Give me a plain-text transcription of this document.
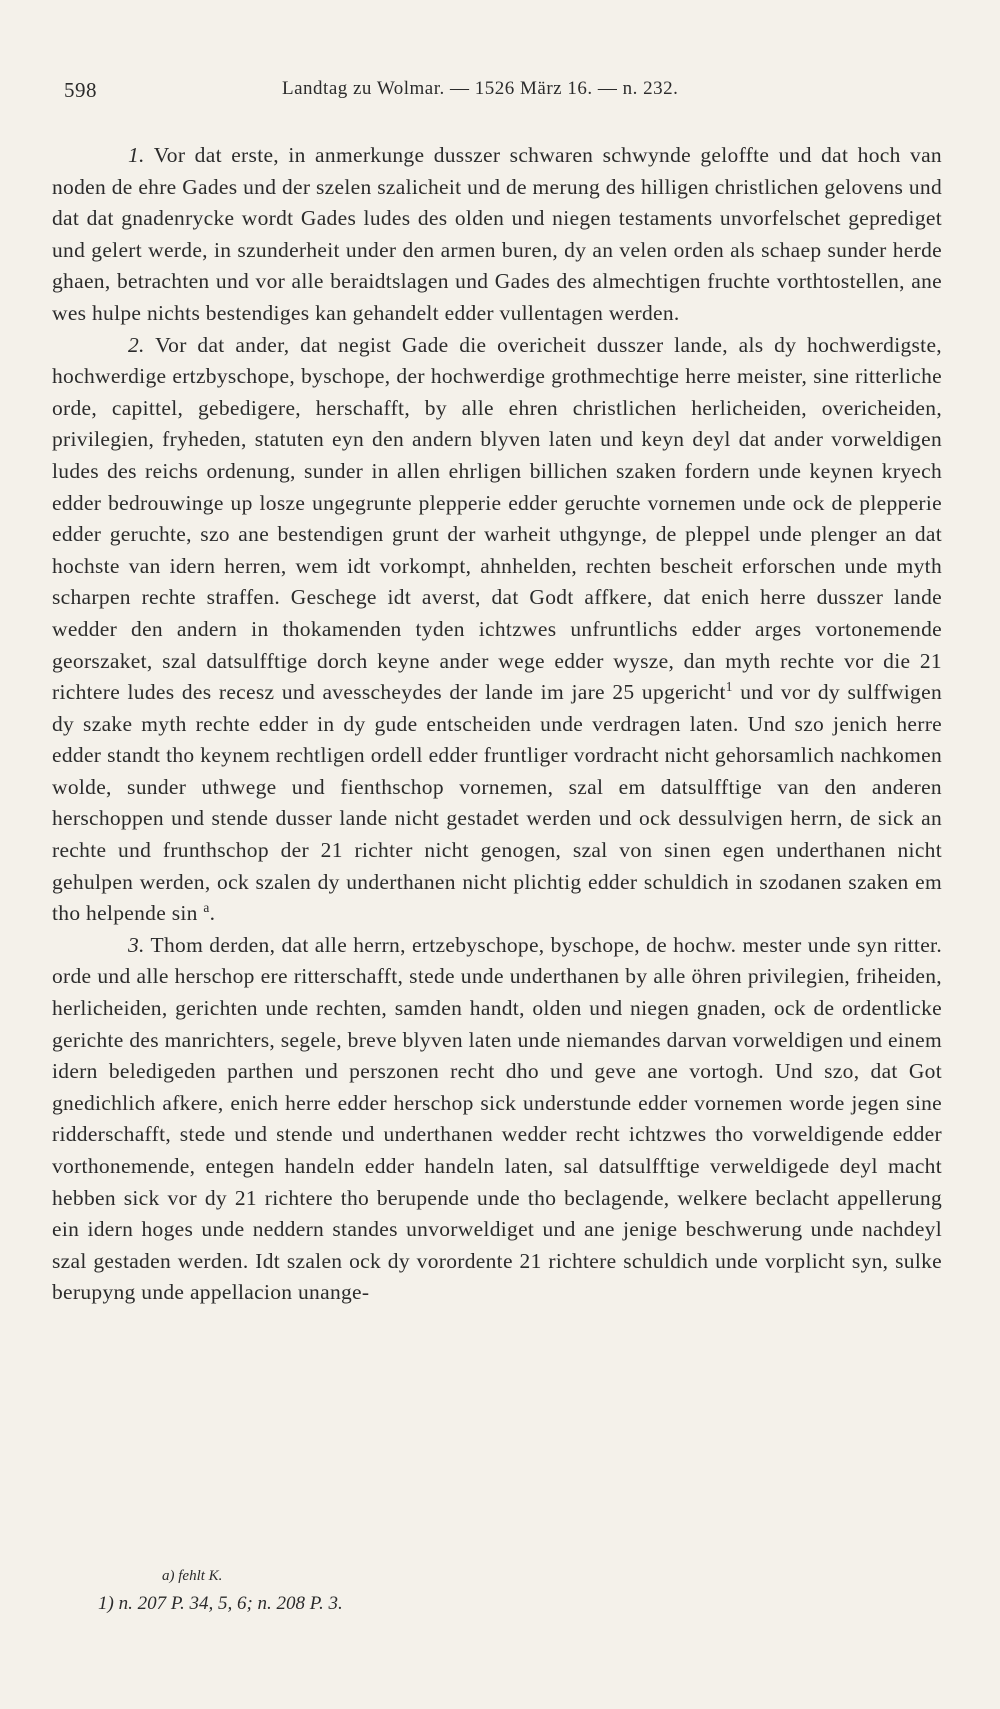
598	Landtag zu Wolmar. — 1526 März 16. — n. 232.

1. Vor dat erste, in anmerkunge dusszer schwaren schwynde geloffte und dat hoch van noden de ehre Gades und der szelen szalicheit und de merung des hilligen christlichen gelovens und dat dat gnadenrycke wordt Gades ludes des olden und niegen testaments unvorfelschet geprediget und gelert werde, in szunderheit under den armen buren, dy an velen orden als schaep sunder herde ghaen, betrachten und vor alle beraidtslagen und Gades des almechtigen fruchte vorthtostellen, ane wes hulpe nichts bestendiges kan gehandelt edder vullentagen werden.

2. Vor dat ander, dat negist Gade die overicheit dusszer lande, als dy hochwerdigste, hochwerdige ertzbyschope, byschope, der hochwerdige grothmechtige herre meister, sine ritterliche orde, capittel, gebedigere, herschafft, by alle ehren christlichen herlicheiden, overicheiden, privilegien, fryheden, statuten eyn den andern blyven laten und keyn deyl dat ander vorweldigen ludes des reichs ordenung, sunder in allen ehrligen billichen szaken fordern unde keynen kryech edder bedrouwinge up losze ungegrunte plepperie edder geruchte vornemen unde ock de plepperie edder geruchte, szo ane bestendigen grunt der warheit uthgynge, de pleppel unde plenger an dat hochste van idern herren, wem idt vorkompt, ahnhelden, rechten bescheit erforschen unde myth scharpen rechte straffen. Geschege idt averst, dat Godt affkere, dat enich herre dusszer lande wedder den andern in thokamenden tyden ichtzwes unfruntlichs edder arges vortonemende georszaket, szal datsulfftige dorch keyne ander wege edder wysze, dan myth rechte vor die 21 richtere ludes des recesz und avesscheydes der lande im jare 25 upgericht$^1$ und vor dy sulffwigen dy szake myth rechte edder in dy gude entscheiden unde verdragen laten. Und szo jenich herre edder standt tho keynem rechtligen ordell edder fruntliger vordracht nicht gehorsamlich nachkomen wolde, sunder uthwege und fienthschop vornemen, szal em datsulfftige van den anderen herschoppen und stende dusser lande nicht gestadet werden und ock dessulvigen herrn, de sick an rechte und frunthschop der 21 richter nicht genogen, szal von sinen egen underthanen nicht gehulpen werden, ock szalen dy underthanen nicht plichtig edder schuldich in szodanen szaken em tho helpende sin $^a$.

3. Thom derden, dat alle herrn, ertzebyschope, byschope, de hochw. mester unde syn ritter. orde und alle herschop ere ritterschafft, stede unde underthanen by alle öhren privilegien, friheiden, herlicheiden, gerichten unde rechten, samden handt, olden und niegen gnaden, ock de ordentlicke gerichte des manrichters, segele, breve blyven laten unde niemandes darvan vorweldigen und einem idern beledigeden parthen und perszonen recht dho und geve ane vortogh. Und szo, dat Got gnedichlich afkere, enich herre edder herschop sick understunde edder vornemen worde jegen sine ridderschafft, stede und stende und underthanen wedder recht ichtzwes tho vorweldigende edder vorthonemende, entegen handeln edder handeln laten, sal datsulfftige verweldigede deyl macht hebben sick vor dy 21 richtere tho berupende unde tho beclagende, welkere beclacht appellerung ein idern hoges unde neddern standes unvorweldiget und ane jenige beschwerung unde nachdeyl szal gestaden werden. Idt szalen ock dy vorordente 21 richtere schuldich unde vorplicht syn, sulke berupyng unde appellacion unange-

a) fehlt K.
1) n. 207 P. 34, 5, 6; n. 208 P. 3.
